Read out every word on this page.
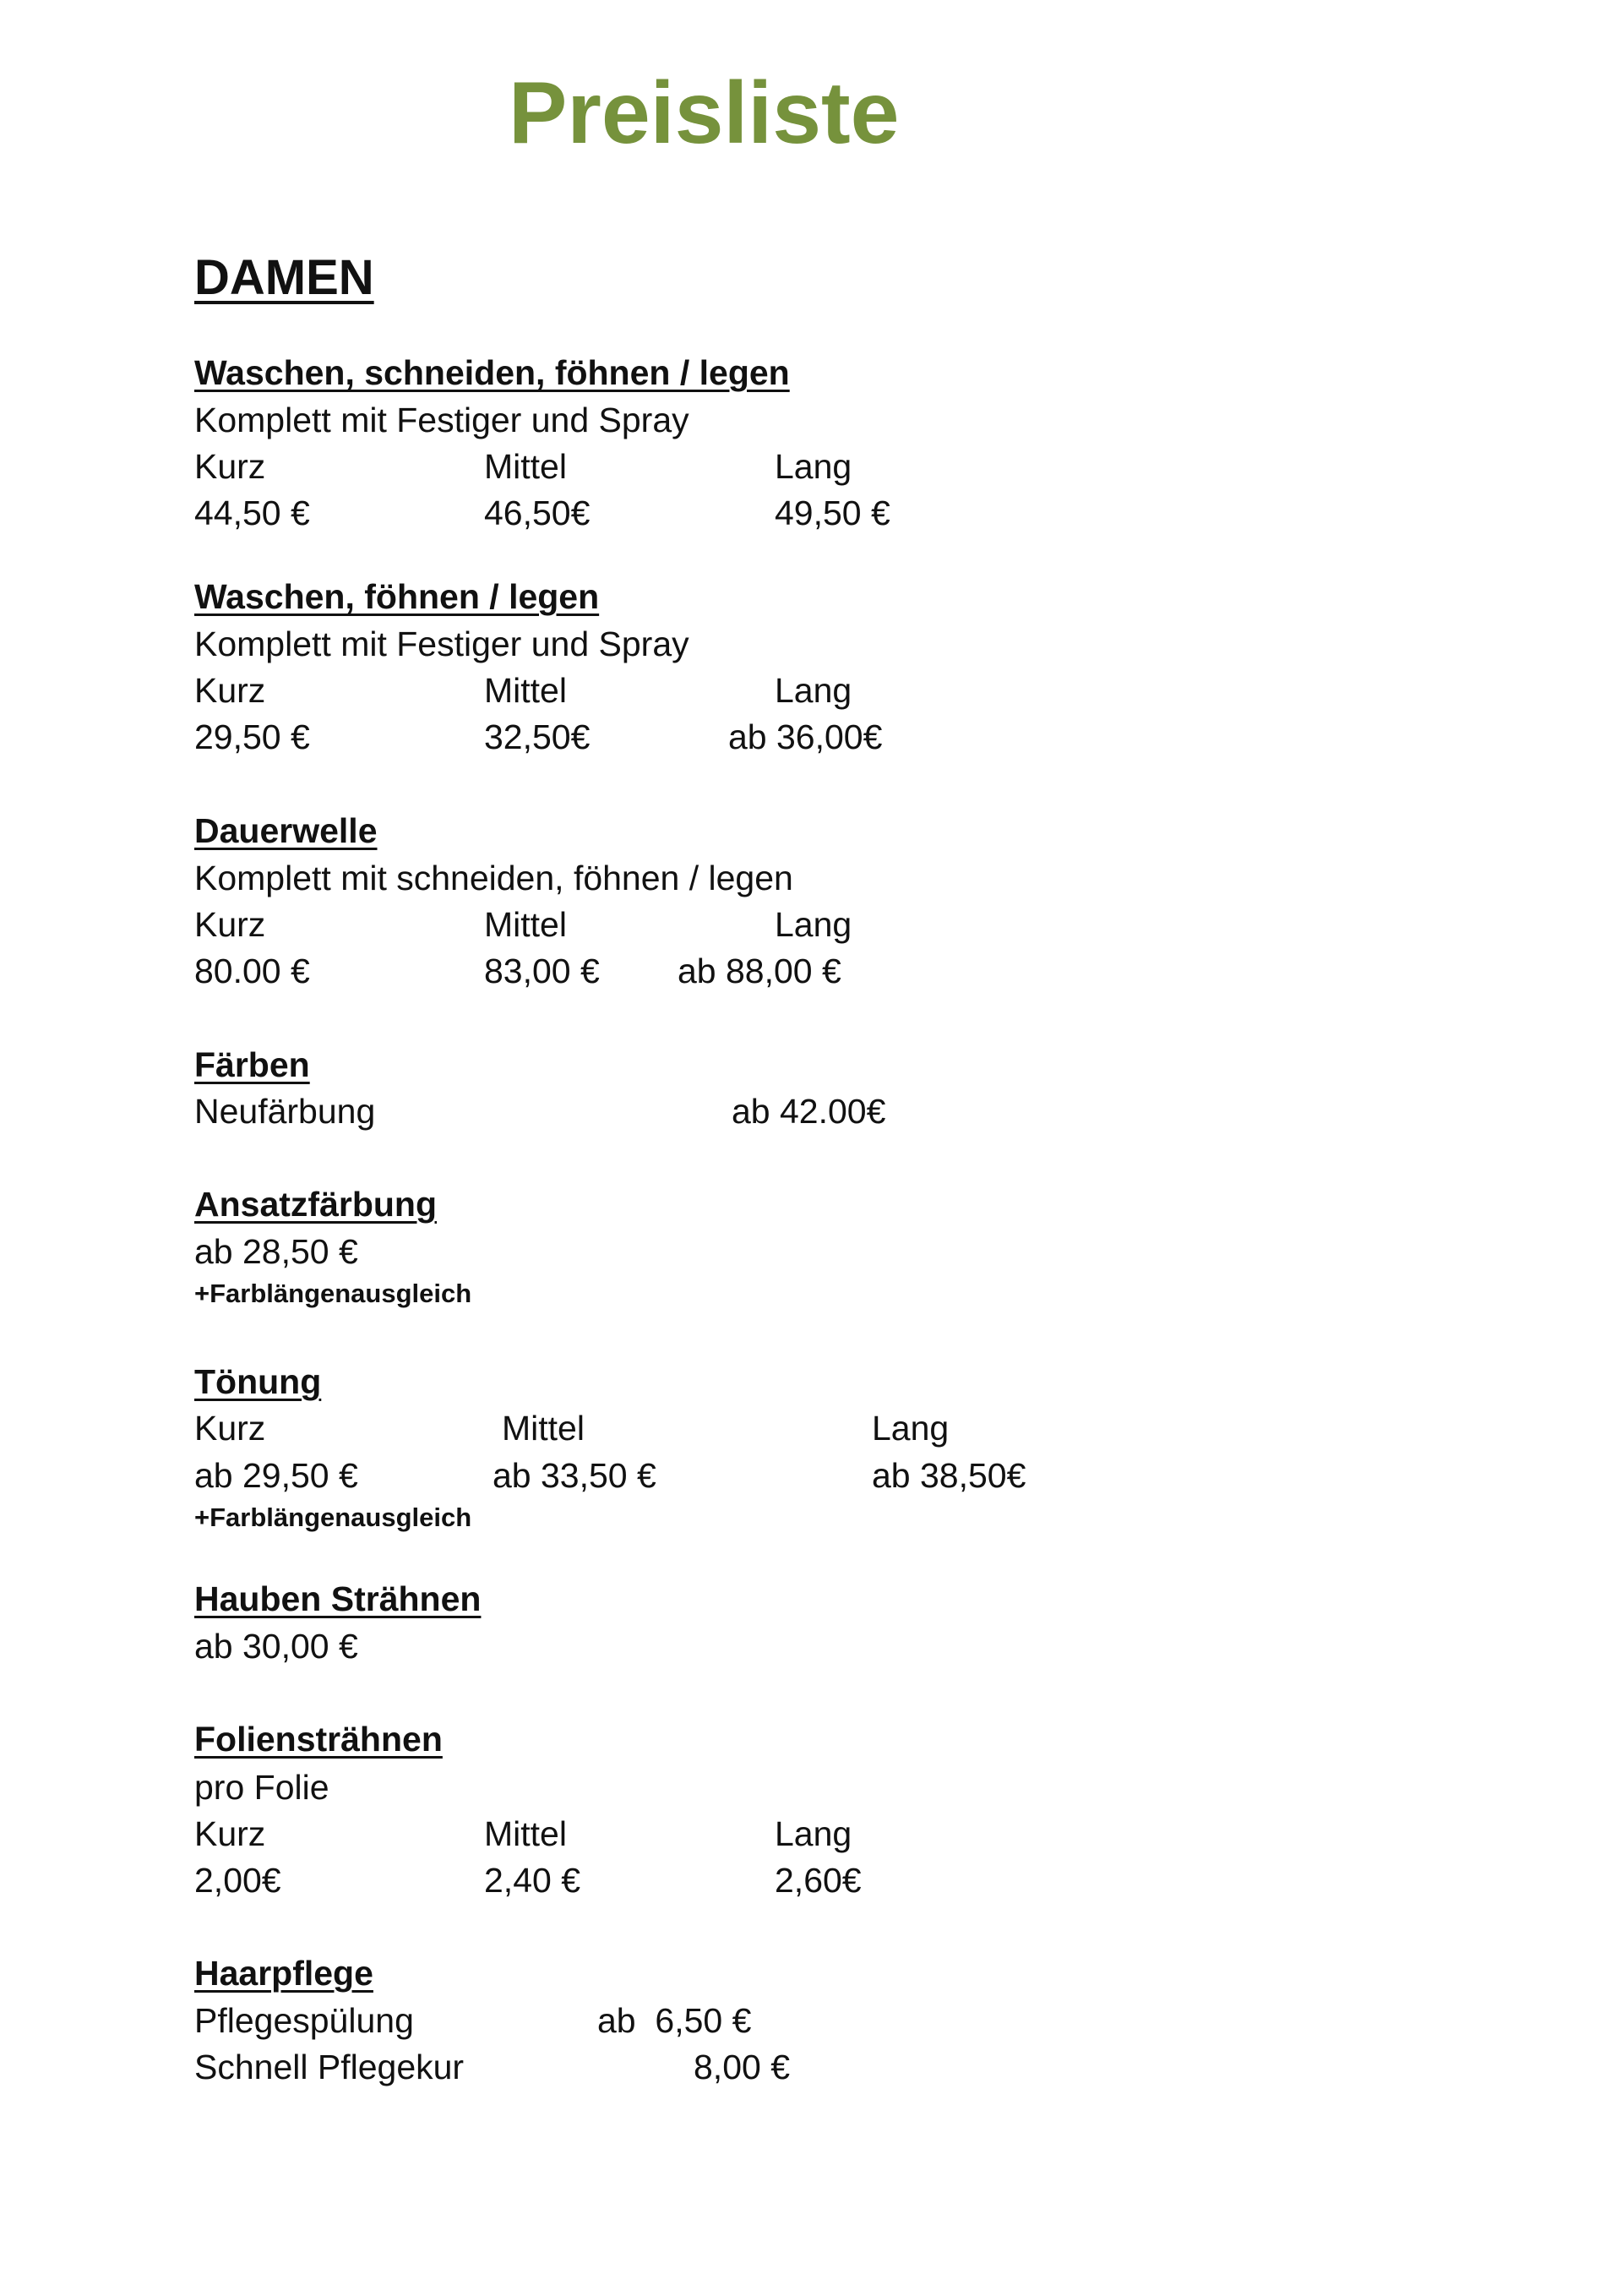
Preisliste
DAMEN
Waschen, schneiden, föhnen / legen
Komplett mit Festiger und Spray
Kurz	Mittel	Lang
44,50 €	46,50€	49,50 €
Waschen, föhnen / legen
Komplett mit Festiger und Spray
Kurz	Mittel	Lang
29,50 €	32,50€	ab 36,00€
Dauerwelle
Komplett mit schneiden, föhnen / legen
Kurz	Mittel	Lang
80.00 €	83,00 € ab 88,00 €
Färben
Neufärbung	ab 42.00€
Ansatzfärbung
ab 28,50 €
+Farblängenausgleich
Tönung
Kurz	Mittel	Lang
ab 29,50 €	ab 33,50 €	ab 38,50€
+Farblängenausgleich
Hauben Strähnen
ab 30,00 €
Foliensträhnen
pro Folie
Kurz	Mittel	Lang
2,00€	2,40 €	2,60€
Haarpflege
Pflegespülung	ab  6,50 €
Schnell Pflegekur	8,00 €
